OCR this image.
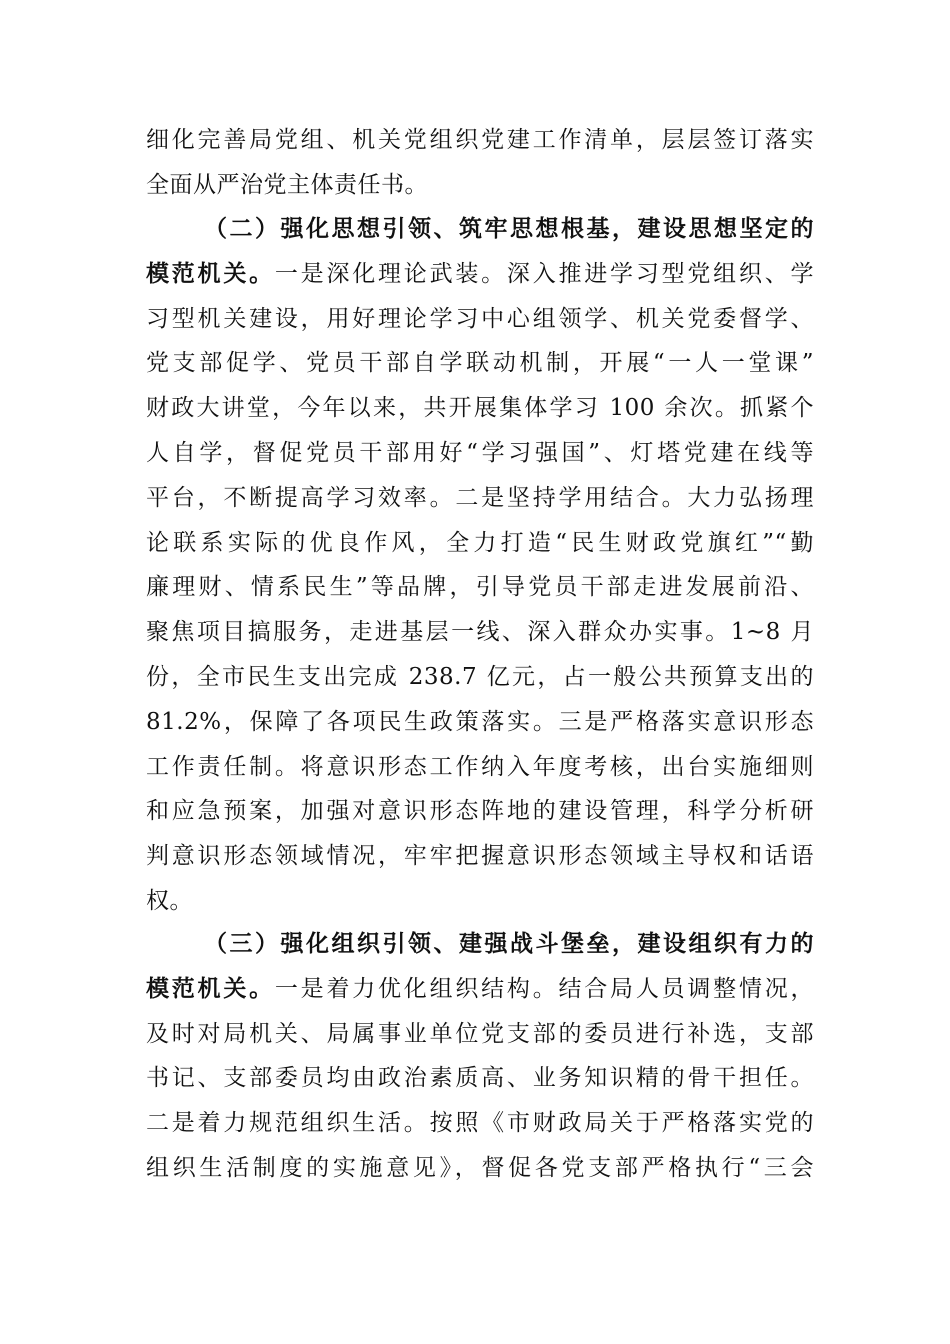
细化完善局党组、机关党组织党建工作清单，层层签订落实
全面从严治党主体责任书。
（二）强化思想引领、筑牢思想根基，建设思想坚定的
模范机关。一是深化理论武装。深入推进学习型党组织、学
习型机关建设，用好理论学习中心组领学、机关党委督学、
党支部促学、党员干部自学联动机制，开展“一人一堂课”
财政大讲堂，今年以来，共开展集体学习 100 余次。抓紧个
人自学，督促党员干部用好“学习强国”、灯塔党建在线等
平台，不断提高学习效率。二是坚持学用结合。大力弘扬理
论联系实际的优良作风，全力打造“民生财政党旗红”“勤
廉理财、情系民生”等品牌，引导党员干部走进发展前沿、
聚焦项目搞服务，走进基层一线、深入群众办实事。1~8 月
份，全市民生支出完成 238.7 亿元，占一般公共预算支出的
81.2%，保障了各项民生政策落实。三是严格落实意识形态
工作责任制。将意识形态工作纳入年度考核，出台实施细则
和应急预案，加强对意识形态阵地的建设管理，科学分析研
判意识形态领域情况，牢牢把握意识形态领域主导权和话语
权。
（三）强化组织引领、建强战斗堡垒，建设组织有力的
模范机关。一是着力优化组织结构。结合局人员调整情况，
及时对局机关、局属事业单位党支部的委员进行补选，支部
书记、支部委员均由政治素质高、业务知识精的骨干担任。
二是着力规范组织生活。按照《市财政局关于严格落实党的
组织生活制度的实施意见》，督促各党支部严格执行“三会
